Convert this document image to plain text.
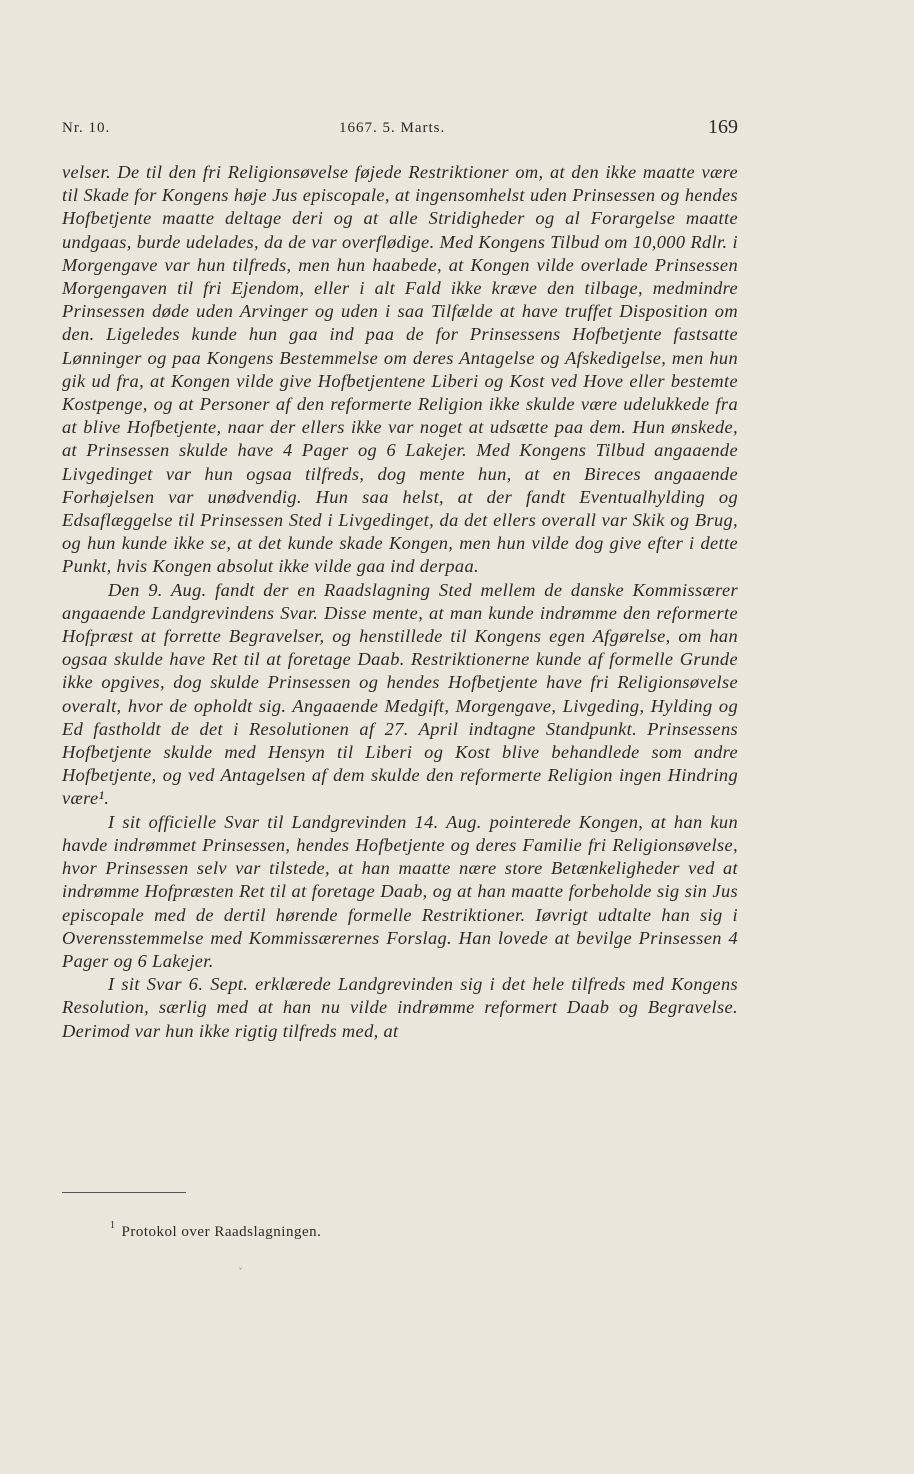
Nr. 10.	1667. 5. Marts.	169

velser. De til den fri Religionsøvelse føjede Restriktioner om, at den ikke maatte være til Skade for Kongens høje Jus episcopale, at ingensomhelst uden Prinsessen og hendes Hofbetjente maatte deltage deri og at alle Stridigheder og al Forargelse maatte undgaas, burde udelades, da de var overflødige. Med Kongens Tilbud om 10,000 Rdlr. i Morgengave var hun tilfreds, men hun haabede, at Kongen vilde overlade Prinsessen Morgengaven til fri Ejendom, eller i alt Fald ikke kræve den tilbage, medmindre Prinsessen døde uden Arvinger og uden i saa Tilfælde at have truffet Disposition om den. Ligeledes kunde hun gaa ind paa de for Prinsessens Hofbetjente fastsatte Lønninger og paa Kongens Bestemmelse om deres Antagelse og Afskedigelse, men hun gik ud fra, at Kongen vilde give Hofbetjentene Liberi og Kost ved Hove eller bestemte Kostpenge, og at Personer af den reformerte Religion ikke skulde være udelukkede fra at blive Hofbetjente, naar der ellers ikke var noget at udsætte paa dem. Hun ønskede, at Prinsessen skulde have 4 Pager og 6 Lakejer. Med Kongens Tilbud angaaende Livgedinget var hun ogsaa tilfreds, dog mente hun, at en Bireces angaaende Forhøjelsen var unødvendig. Hun saa helst, at der fandt Eventualhylding og Edsaflæggelse til Prinsessen Sted i Livgedinget, da det ellers overall var Skik og Brug, og hun kunde ikke se, at det kunde skade Kongen, men hun vilde dog give efter i dette Punkt, hvis Kongen absolut ikke vilde gaa ind derpaa.

Den 9. Aug. fandt der en Raadslagning Sted mellem de danske Kommissærer angaaende Landgrevindens Svar. Disse mente, at man kunde indrømme den reformerte Hofpræst at forrette Begravelser, og henstillede til Kongens egen Afgørelse, om han ogsaa skulde have Ret til at foretage Daab. Restriktionerne kunde af formelle Grunde ikke opgives, dog skulde Prinsessen og hendes Hofbetjente have fri Religionsøvelse overalt, hvor de opholdt sig. Angaaende Medgift, Morgengave, Livgeding, Hylding og Ed fastholdt de det i Resolutionen af 27. April indtagne Standpunkt. Prinsessens Hofbetjente skulde med Hensyn til Liberi og Kost blive behandlede som andre Hofbetjente, og ved Antagelsen af dem skulde den reformerte Religion ingen Hindring være¹.

I sit officielle Svar til Landgrevinden 14. Aug. pointerede Kongen, at han kun havde indrømmet Prinsessen, hendes Hofbetjente og deres Familie fri Religionsøvelse, hvor Prinsessen selv var tilstede, at han maatte nære store Betænkeligheder ved at indrømme Hofpræsten Ret til at foretage Daab, og at han maatte forbeholde sig sin Jus episcopale med de dertil hørende formelle Restriktioner. Iøvrigt udtalte han sig i Overensstemmelse med Kommissærernes Forslag. Han lovede at bevilge Prinsessen 4 Pager og 6 Lakejer.

I sit Svar 6. Sept. erklærede Landgrevinden sig i det hele tilfreds med Kongens Resolution, særlig med at han nu vilde indrømme reformert Daab og Begravelse. Derimod var hun ikke rigtig tilfreds med, at

$^1$ Protokol over Raadslagningen.
ˇ
